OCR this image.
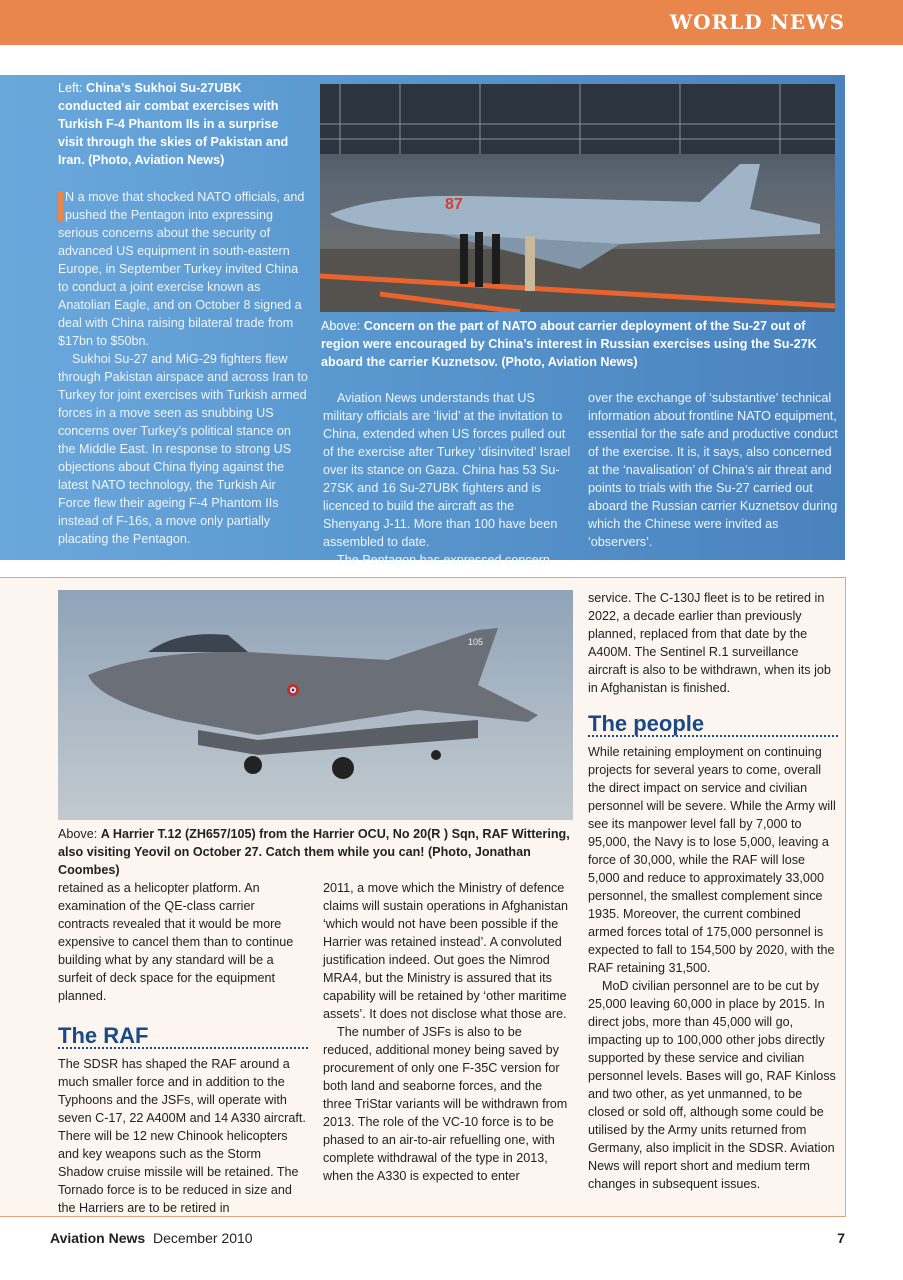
WORLD NEWS
Left: China’s Sukhoi Su-27UBK conducted air combat exercises with Turkish F-4 Phantom IIs in a surprise visit through the skies of Pakistan and Iran. (Photo, Aviation News)

N a move that shocked NATO officials, and pushed the Pentagon into expressing serious concerns about the security of advanced US equipment in south-eastern Europe, in September Turkey invited China to conduct a joint exercise known as Anatolian Eagle, and on October 8 signed a deal with China raising bilateral trade from $17bn to $50bn.

Sukhoi Su-27 and MiG-29 fighters flew through Pakistan airspace and across Iran to Turkey for joint exercises with Turkish armed forces in a move seen as snubbing US concerns over Turkey’s political stance on the Middle East. In response to strong US objections about China flying against the latest NATO technology, the Turkish Air Force flew their ageing F-4 Phantom IIs instead of F-16s, a move only partially placating the Pentagon.

87
Above: Concern on the part of NATO about carrier deployment of the Su-27 out of region were encouraged by China’s interest in Russian exercises using the Su-27K aboard the carrier Kuznetsov. (Photo, Aviation News)

Aviation News understands that US military officials are ‘livid’ at the invitation to China, extended when US forces pulled out of the exercise after Turkey ‘disinvited’ Israel over its stance on Gaza. China has 53 Su-27SK and 16 Su-27UBK fighters and is licenced to build the aircraft as the Shenyang J-11. More than 100 have been assembled to date.

The Pentagon has expressed concern

over the exchange of ‘substantive’ technical information about frontline NATO equipment, essential for the safe and productive conduct of the exercise. It is, it says, also concerned at the ‘navalisation’ of China’s air threat and points to trials with the Su-27 carried out aboard the Russian carrier Kuznetsov during which the Chinese were invited as ‘observers’.

105
Above: A Harrier T.12 (ZH657/105) from the Harrier OCU, No 20(R ) Sqn, RAF Wittering, also visiting Yeovil on October 27. Catch them while you can! (Photo, Jonathan Coombes)

retained as a helicopter platform. An examination of the QE-class carrier contracts revealed that it would be more expensive to cancel them than to continue building what by any standard will be a surfeit of deck space for the equipment planned.

The RAF

The SDSR has shaped the RAF around a much smaller force and in addition to the Typhoons and the JSFs, will operate with seven C-17, 22 A400M and 14 A330 aircraft. There will be 12 new Chinook helicopters and key weapons such as the Storm Shadow cruise missile will be retained. The Tornado force is to be reduced in size and the Harriers are to be retired in

2011, a move which the Ministry of defence claims will sustain operations in Afghanistan ‘which would not have been possible if the Harrier was retained instead’. A convoluted justification indeed. Out goes the Nimrod MRA4, but the Ministry is assured that its capability will be retained by ‘other maritime assets’. It does not disclose what those are.

The number of JSFs is also to be reduced, additional money being saved by procurement of only one F-35C version for both land and seaborne forces, and the three TriStar variants will be withdrawn from 2013. The role of the VC-10 force is to be phased to an air-to-air refuelling one, with complete withdrawal of the type in 2013, when the A330 is expected to enter

service. The C-130J fleet is to be retired in 2022, a decade earlier than previously planned, replaced from that date by the A400M. The Sentinel R.1 surveillance aircraft is also to be withdrawn, when its job in Afghanistan is finished.

The people

While retaining employment on continuing projects for several years to come, overall the direct impact on service and civilian personnel will be severe. While the Army will see its manpower level fall by 7,000 to 95,000, the Navy is to lose 5,000, leaving a force of 30,000, while the RAF will lose 5,000 and reduce to approximately 33,000 personnel, the smallest complement since 1935. Moreover, the current combined armed forces total of 175,000 personnel is expected to fall to 154,500 by 2020, with the RAF retaining 31,500.

MoD civilian personnel are to be cut by 25,000 leaving 60,000 in place by 2015. In direct jobs, more than 45,000 will go, impacting up to 100,000 other jobs directly supported by these service and civilian personnel levels. Bases will go, RAF Kinloss and two other, as yet unmanned, to be closed or sold off, although some could be utilised by the Army units returned from Germany, also implicit in the SDSR. Aviation News will report short and medium term changes in subsequent issues.

Aviation News December 2010	7
